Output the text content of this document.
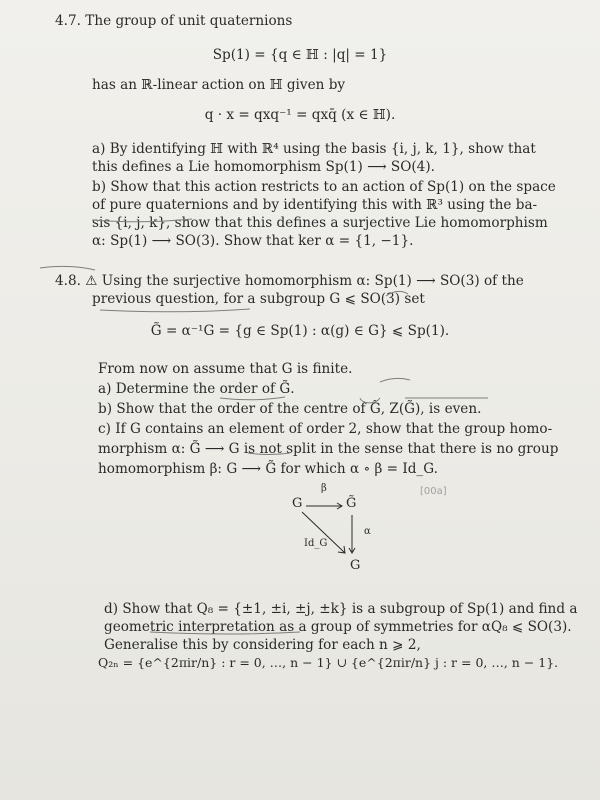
4.7. The group of unit quaternions
Sp(1) = {q ∈ ℍ : |q| = 1}
has an ℝ-linear action on ℍ given by
q · x = qxq⁻¹ = qxq̄ (x ∈ ℍ).
a) By identifying ℍ with ℝ⁴ using the basis {i, j, k, 1}, show that
this defines a Lie homomorphism Sp(1) ⟶ SO(4).
b) Show that this action restricts to an action of Sp(1) on the space
of pure quaternions and by identifying this with ℝ³ using the ba-
sis {i, j, k}, show that this defines a surjective Lie homomorphism
α: Sp(1) ⟶ SO(3). Show that ker α = {1, −1}.
4.8. ⚠ Using the surjective homomorphism α: Sp(1) ⟶ SO(3) of the
previous question, for a subgroup G ⩽ SO(3) set
G̃ = α⁻¹G = {g ∈ Sp(1) : α(g) ∈ G} ⩽ Sp(1).
From now on assume that G is finite.
a) Determine the order of G̃.
b) Show that the order of the centre of G̃, Z(G̃), is even.
c) If G contains an element of order 2, show that the group homo-
morphism α: G̃ ⟶ G is not split in the sense that there is no group
homomorphism β: G ⟶ G̃ for which α ∘ β = Id_G.
G
β
G̃
α
Id_G
G
d) Show that Q₈ = {±1, ±i, ±j, ±k} is a subgroup of Sp(1) and find a
geometric interpretation as a group of symmetries for αQ₈ ⩽ SO(3).
Generalise this by considering for each n ⩾ 2,
Q₂ₙ = {e^{2πir/n} : r = 0, …, n − 1} ∪ {e^{2πir/n} j : r = 0, …, n − 1}.
[00a]
